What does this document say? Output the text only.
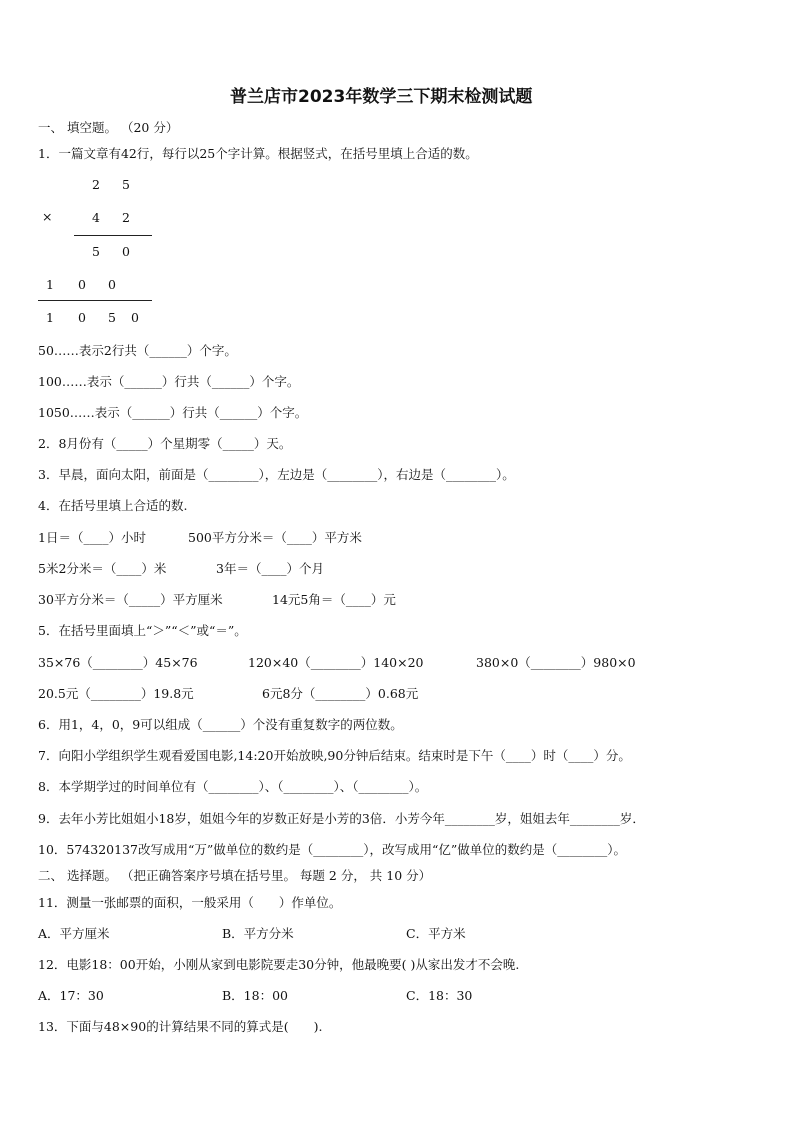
普兰店市2023年数学三下期末检测试题
一、 填空题。 （20 分）
1．一篇文章有42行，每行以25个字计算。根据竖式，在括号里填上合适的数。
2 5
×	4 2
5 0
1 0 0
1 0 5 0
50……表示2行共（______）个字。
100……表示（______）行共（______）个字。
1050……表示（______）行共（______）个字。
2．8月份有（_____）个星期零（_____）天。
3．早晨，面向太阳，前面是（________），左边是（________），右边是（________）。
4．在括号里填上合适的数.
1日＝（____）小时	500平方分米＝（____）平方米
5米2分米＝（____）米	3年＝（____）个月
30平方分米＝（_____）平方厘米	14元5角＝（____）元
5．在括号里面填上“＞”“＜”或“＝”。
35×76（________）45×76	120×40（________）140×20	380×0（________）980×0
20.5元（________）19.8元	6元8分（________）0.68元
6．用1，4，0，9可以组成（______）个没有重复数字的两位数。
7．向阳小学组织学生观看爱国电影,14:20开始放映,90分钟后结束。结束时是下午（____）时（____）分。
8．本学期学过的时间单位有（________）、（________）、（________）。
9．去年小芳比姐姐小18岁，姐姐今年的岁数正好是小芳的3倍．小芳今年________岁，姐姐去年________岁．
10．574320137改写成用“万”做单位的数约是（________），改写成用“亿”做单位的数约是（________）。
二、 选择题。 （把正确答案序号填在括号里。 每题 2 分， 共 10 分）
11．测量一张邮票的面积，一般采用（　　）作单位。
A．平方厘米	B．平方分米	C．平方米
12．电影18：00开始，小刚从家到电影院要走30分钟，他最晚要( )从家出发才不会晚.
A．17：30	B．18：00	C．18：30
13．下面与48×90的计算结果不同的算式是(　　).
